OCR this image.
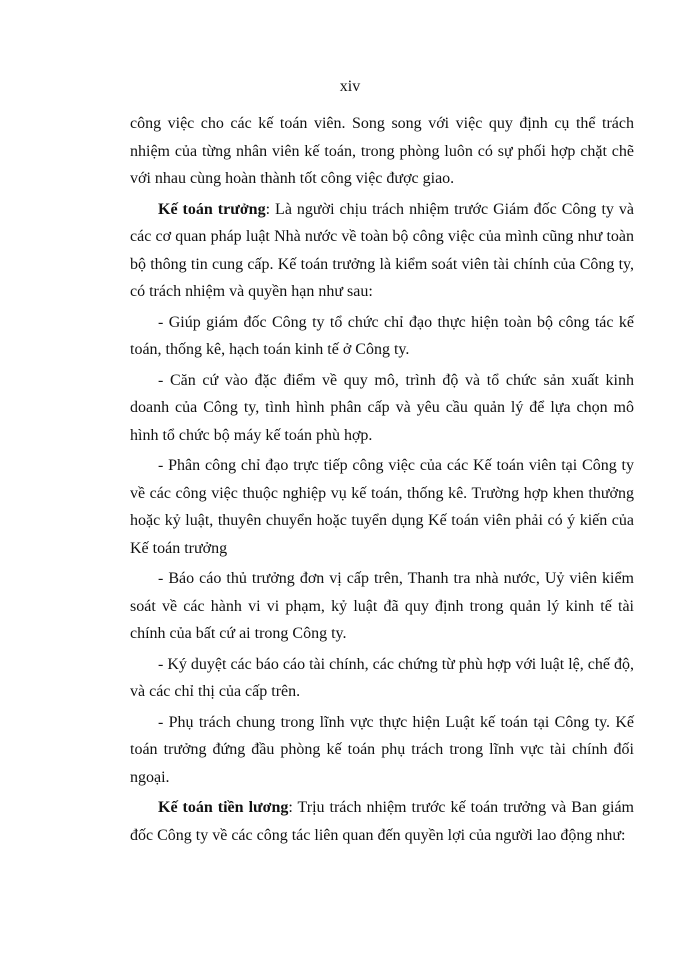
xiv

công việc cho các kế toán viên. Song song với việc quy định cụ thể trách nhiệm của từng nhân viên kế toán, trong phòng luôn có sự phối hợp chặt chẽ với nhau cùng hoàn thành tốt công việc được giao.

Kế toán trưởng: Là người chịu trách nhiệm trước Giám đốc Công ty và các cơ quan pháp luật Nhà nước về toàn bộ công việc của mình cũng như toàn bộ thông tin cung cấp. Kế toán trưởng là kiểm soát viên tài chính của Công ty, có trách nhiệm và quyền hạn như sau:

- Giúp giám đốc Công ty tổ chức chỉ đạo thực hiện toàn bộ công tác kế toán, thống kê, hạch toán kinh tế ở Công ty.

- Căn cứ vào đặc điểm về quy mô, trình độ và tổ chức sản xuất kinh doanh của Công ty, tình hình phân cấp và yêu cầu quản lý để lựa chọn mô hình tổ chức bộ máy kế toán phù hợp.

- Phân công chỉ đạo trực tiếp công việc của các Kế toán viên tại Công ty về các công việc thuộc nghiệp vụ kế toán, thống kê. Trường hợp khen thưởng hoặc kỷ luật, thuyên chuyển hoặc tuyển dụng Kế toán viên phải có ý kiến của Kế toán trưởng

- Báo cáo thủ trưởng đơn vị cấp trên, Thanh tra nhà nước, Uỷ viên kiểm soát về các hành vi vi phạm, kỷ luật đã quy định trong quản lý kinh tế tài chính của bất cứ ai trong Công ty.

- Ký duyệt các báo cáo tài chính, các chứng từ phù hợp với luật lệ, chế độ, và các chỉ thị của cấp trên.

- Phụ trách chung trong lĩnh vực thực hiện Luật kế toán tại Công ty. Kế toán trưởng đứng đầu phòng kế toán phụ trách trong lĩnh vực tài chính đối ngoại.

Kế toán tiền lương: Trịu trách nhiệm trước kế toán trưởng và Ban giám đốc Công ty về các công tác liên quan đến quyền lợi của người lao động như:
